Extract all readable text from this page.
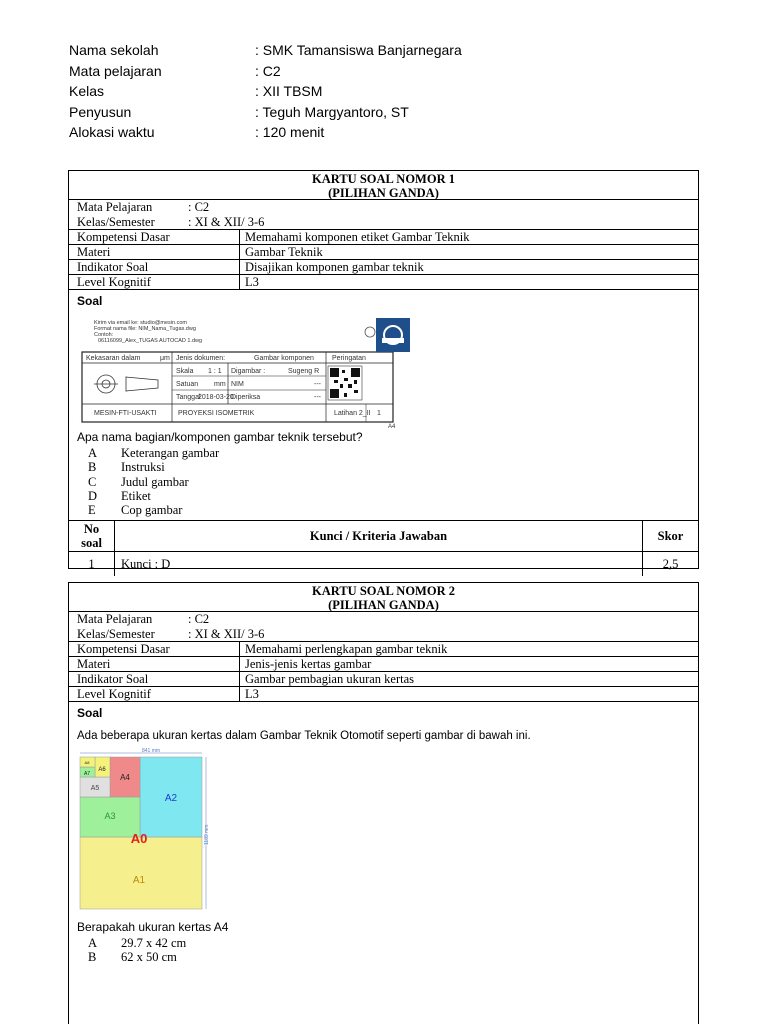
Nama sekolah	: SMK Tamansiswa Banjarnegara
Mata pelajaran	: C2
Kelas	: XII TBSM
Penyusun	: Teguh Margyantoro, ST
Alokasi waktu	: 120 menit
KARTU SOAL NOMOR 1
(PILIHAN GANDA)
Mata Pelajaran	: C2
Kelas/Semester	: XI & XII/ 3-6
Kompetensi Dasar	Memahami komponen etiket Gambar Teknik
Materi	Gambar Teknik
Indikator Soal	Disajikan komponen gambar teknik
Level Kognitif	L3
Soal
Apa nama bagian/komponen gambar teknik tersebut?
A	Keterangan gambar
B	Instruksi
C	Judul gambar
D	Etiket
E	Cop gambar
No
soal
Kunci / Kriteria Jawaban	Skor
1	Kunci : D	2,5
Kirim via email ke: studio@mesin.com
Format nama file: NIM_Nama_Tugas.dwg
Contoh:
06116099_Alex_TUGAS AUTOCAD 1.dwg
Kekasaran dalam	μm Jenis dokumen:	Gambar komponen	Peringatan
Skala 1 : 1
Satuan mm
Tanggal
2018-03-20
Digambar :	Sugeng R
NIM	---
Diperiksa	---
MESIN-FTI-USAKTI	PROYEKSI ISOMETRIK	Latihan 2_II 1
A4
.
KARTU SOAL NOMOR 2
(PILIHAN GANDA)
Mata Pelajaran	: C2
Kelas/Semester	: XI & XII/ 3-6
Kompetensi Dasar	Memahami perlengkapan gambar teknik
Materi	Jenis-jenis kertas gambar
Indikator Soal	Gambar pembagian ukuran kertas
Level Kognitif	L3
Soal
Ada beberapa ukuran kertas dalam Gambar Teknik Otomotif seperti gambar di bawah ini.
Berapakah ukuran kertas A4
A	29.7 x 42 cm
B	62 x 50 cm
841 mm
1189 mm
A2
A3
A4
A5
A6
A7
A8
A0
A1
